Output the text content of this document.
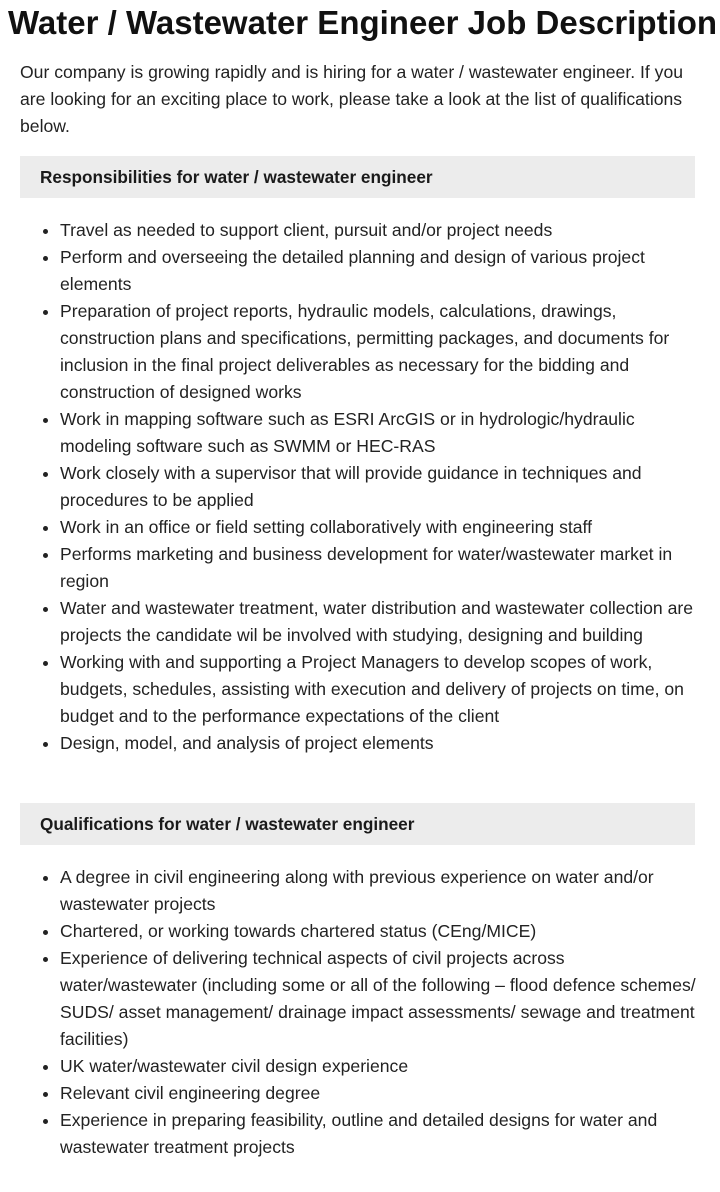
Water / Wastewater Engineer Job Description

Our company is growing rapidly and is hiring for a water / wastewater engineer. If you are looking for an exciting place to work, please take a look at the list of qualifications below.

Responsibilities for water / wastewater engineer
• Travel as needed to support client, pursuit and/or project needs
• Perform and overseeing the detailed planning and design of various project elements
• Preparation of project reports, hydraulic models, calculations, drawings, construction plans and specifications, permitting packages, and documents for inclusion in the final project deliverables as necessary for the bidding and construction of designed works
• Work in mapping software such as ESRI ArcGIS or in hydrologic/hydraulic modeling software such as SWMM or HEC-RAS
• Work closely with a supervisor that will provide guidance in techniques and procedures to be applied
• Work in an office or field setting collaboratively with engineering staff
• Performs marketing and business development for water/wastewater market in region
• Water and wastewater treatment, water distribution and wastewater collection are projects the candidate wil be involved with studying, designing and building
• Working with and supporting a Project Managers to develop scopes of work, budgets, schedules, assisting with execution and delivery of projects on time, on budget and to the performance expectations of the client
• Design, model, and analysis of project elements
Qualifications for water / wastewater engineer
• A degree in civil engineering along with previous experience on water and/or wastewater projects
• Chartered, or working towards chartered status (CEng/MICE)
• Experience of delivering technical aspects of civil projects across water/wastewater (including some or all of the following – flood defence schemes/ SUDS/ asset management/ drainage impact assessments/ sewage and treatment facilities)
• UK water/wastewater civil design experience
• Relevant civil engineering degree
• Experience in preparing feasibility, outline and detailed designs for water and wastewater treatment projects
